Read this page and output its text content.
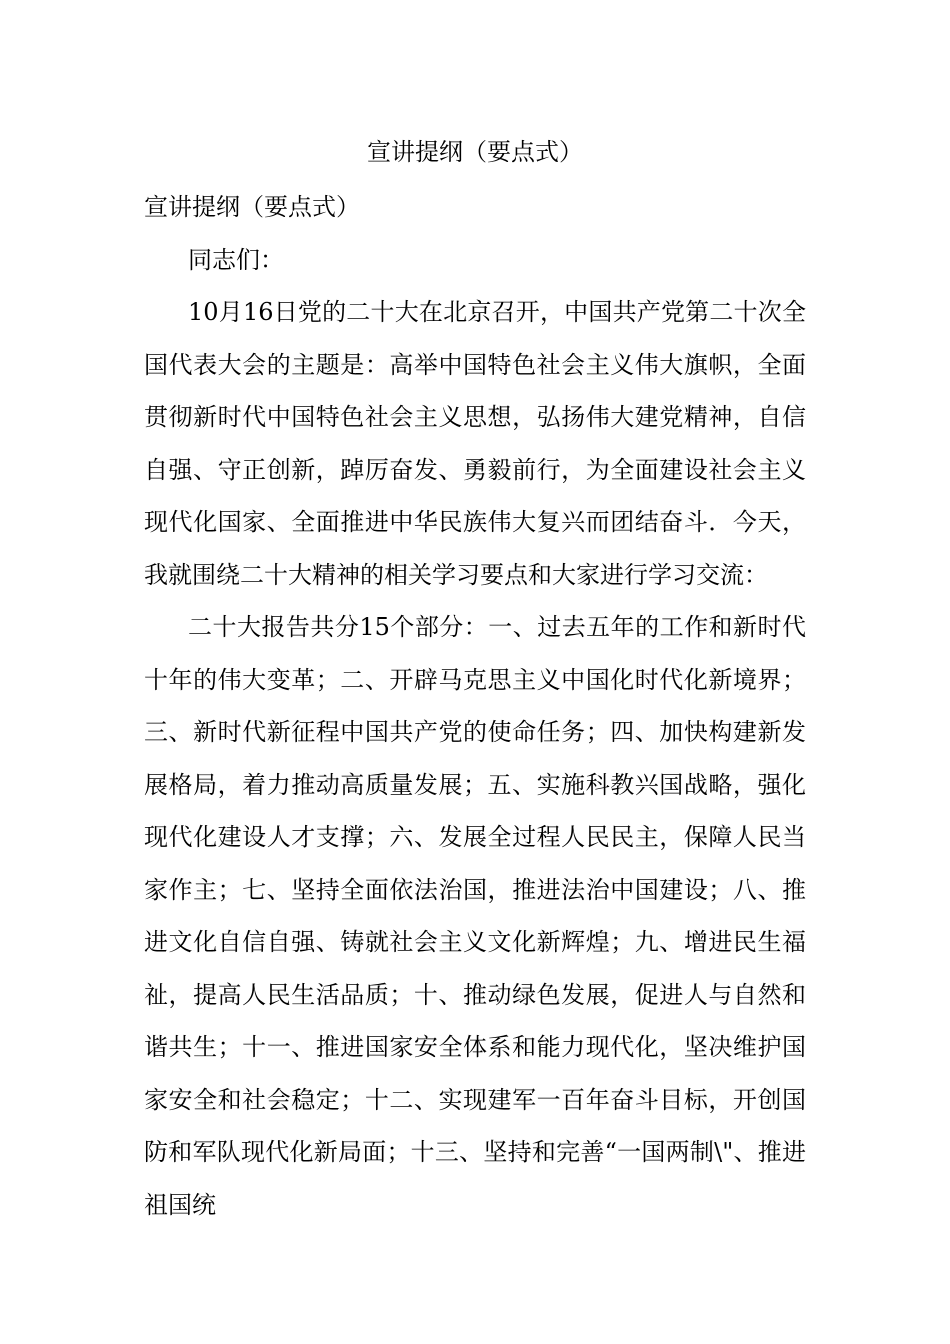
宣讲提纲（要点式）

宣讲提纲（要点式）

同志们：

10月16日党的二十大在北京召开，中国共产党第二十次全国代表大会的主题是：高举中国特色社会主义伟大旗帜，全面贯彻新时代中国特色社会主义思想，弘扬伟大建党精神，自信自强、守正创新，踔厉奋发、勇毅前行，为全面建设社会主义现代化国家、全面推进中华民族伟大复兴而团结奋斗．今天，我就围绕二十大精神的相关学习要点和大家进行学习交流：

二十大报告共分15个部分：一、过去五年的工作和新时代十年的伟大变革；二、开辟马克思主义中国化时代化新境界；三、新时代新征程中国共产党的使命任务；四、加快构建新发展格局，着力推动高质量发展；五、实施科教兴国战略，强化现代化建设人才支撑；六、发展全过程人民民主，保障人民当家作主；七、坚持全面依法治国，推进法治中国建设；八、推进文化自信自强、铸就社会主义文化新辉煌；九、增进民生福祉，提高人民生活品质；十、推动绿色发展，促进人与自然和谐共生；十一、推进国家安全体系和能力现代化，坚决维护国家安全和社会稳定；十二、实现建军一百年奋斗目标，开创国防和军队现代化新局面；十三、坚持和完善“一国两制\"、推进祖国统
